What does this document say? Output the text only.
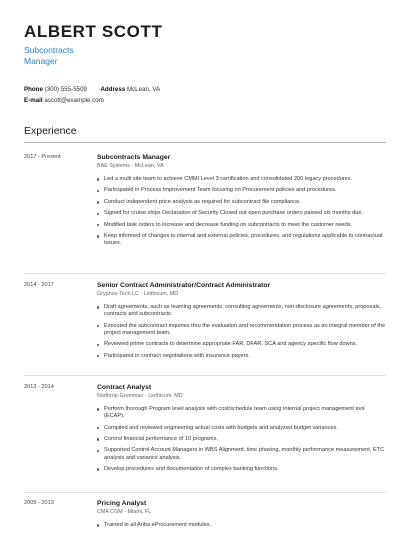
ALBERT SCOTT
Subcontracts
Manager
Phone (300) 555-5509 Address McLean, VA
E-mail ascott@example.com
Experience
2017 - Present	Subcontracts Manager
BAE Systems · McLean, VA
Led a multi site team to achieve CMMI Level 3 certification and consolidated 200 legacy procedures.
Participated in Process Improvement Team focusing on Procurement policies and procedures.
Conduct independent price analysis as required for subcontract file compliance.
Signed for cruise ships Declaration of Security Closed out open purchase orders passed six months due.
Modified task orders to increase and decrease funding on subcontracts to meet the customer needs.
Keep informed of changes to internal and external policies, procedures, and regulations applicable to contractual issues.
2014 - 2017	Senior Contract Administrator/Contract Administrator
Gryphon Tech LC · Linthicum, MD
Draft agreements, such as teaming agreements, consulting agreements, non-disclosure agreements, proposals, contracts and subcontracts.
Executed the subcontract inquiries thru the evaluation and recommendation process as an integral member of the project management team.
Reviewed prime contracts to determine appropriate FAR, DFAR, SCA and agency specific flow downs.
Participated in contract negotiations with insurance payers.
2013 - 2014	Contract Analyst
Northrop Grumman · Linthicum, MD
Perform thorough Program level analysis with cost/schedule team using internal project management tool (ECAP).
Compiled and reviewed engineering actual costs with budgets and analyzed budget variances.
Control financial performance of 10 programs.
Supported Control Account Managers in WBS Alignment, time phasing, monthly performance measurement, ETC analysis and variance analysis.
Develop procedures and documentation of complex banking functions.
2005 - 2013	Pricing Analyst
CMA CGM · Miami, FL
Trained in all Ariba eProcurement modules.
